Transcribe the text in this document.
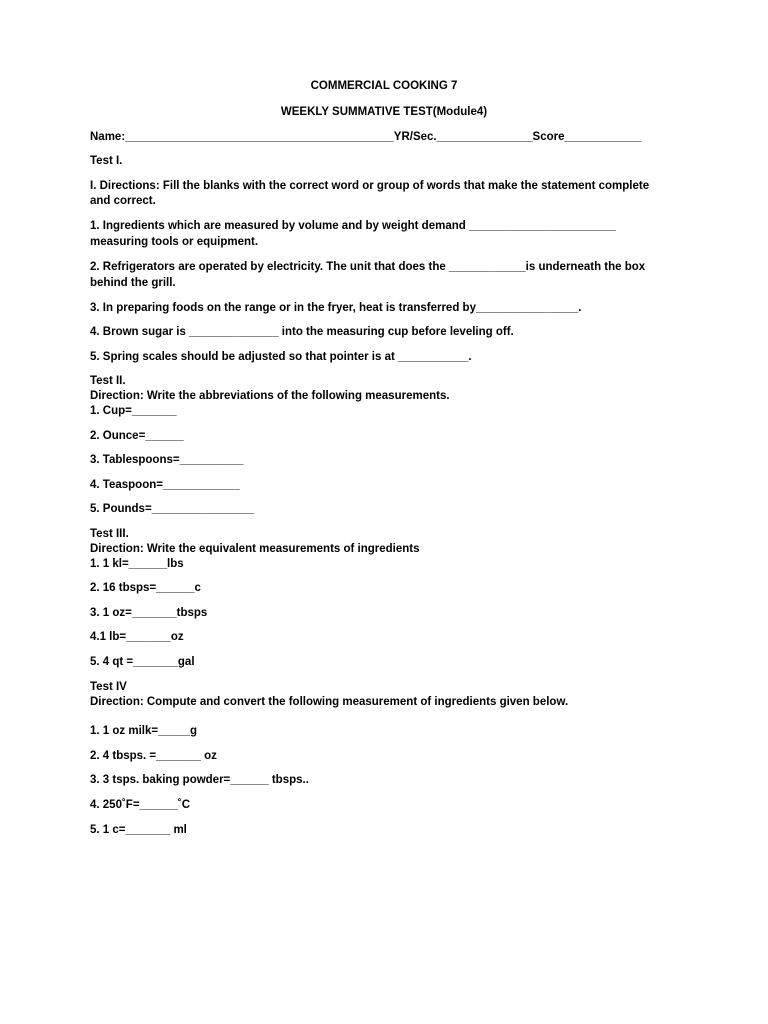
COMMERCIAL COOKING 7
WEEKLY SUMMATIVE TEST(Module4)
Name:__________________________________________YR/Sec._______________Score____________
Test I.
I. Directions: Fill the blanks with the correct word or group of words that make the statement complete
and correct.
1. Ingredients which are measured by volume and by weight demand _______________________
measuring tools or equipment.
2. Refrigerators are operated by electricity. The unit that does the ____________is underneath the box
behind the grill.
3. In preparing foods on the range or in the fryer, heat is transferred by________________.
4. Brown sugar is ______________ into the measuring cup before leveling off.
5. Spring scales should be adjusted so that pointer is at ___________.
Test II.
Direction: Write the abbreviations of the following measurements.
1. Cup=_______
2. Ounce=______
3. Tablespoons=__________
4. Teaspoon=____________
5. Pounds=________________
Test III.
Direction: Write the equivalent measurements of ingredients
1. 1 kl=______lbs
2. 16 tbsps=______c
3. 1 oz=_______tbsps
4.1 lb=_______oz
5. 4 qt =_______gal
Test IV
Direction: Compute and convert the following measurement of ingredients given below.
1. 1 oz milk=_____g
2. 4 tbsps. =_______ oz
3. 3 tsps. baking powder=______ tbsps..
4. 250˚F=______˚C
5. 1 c=_______ ml
